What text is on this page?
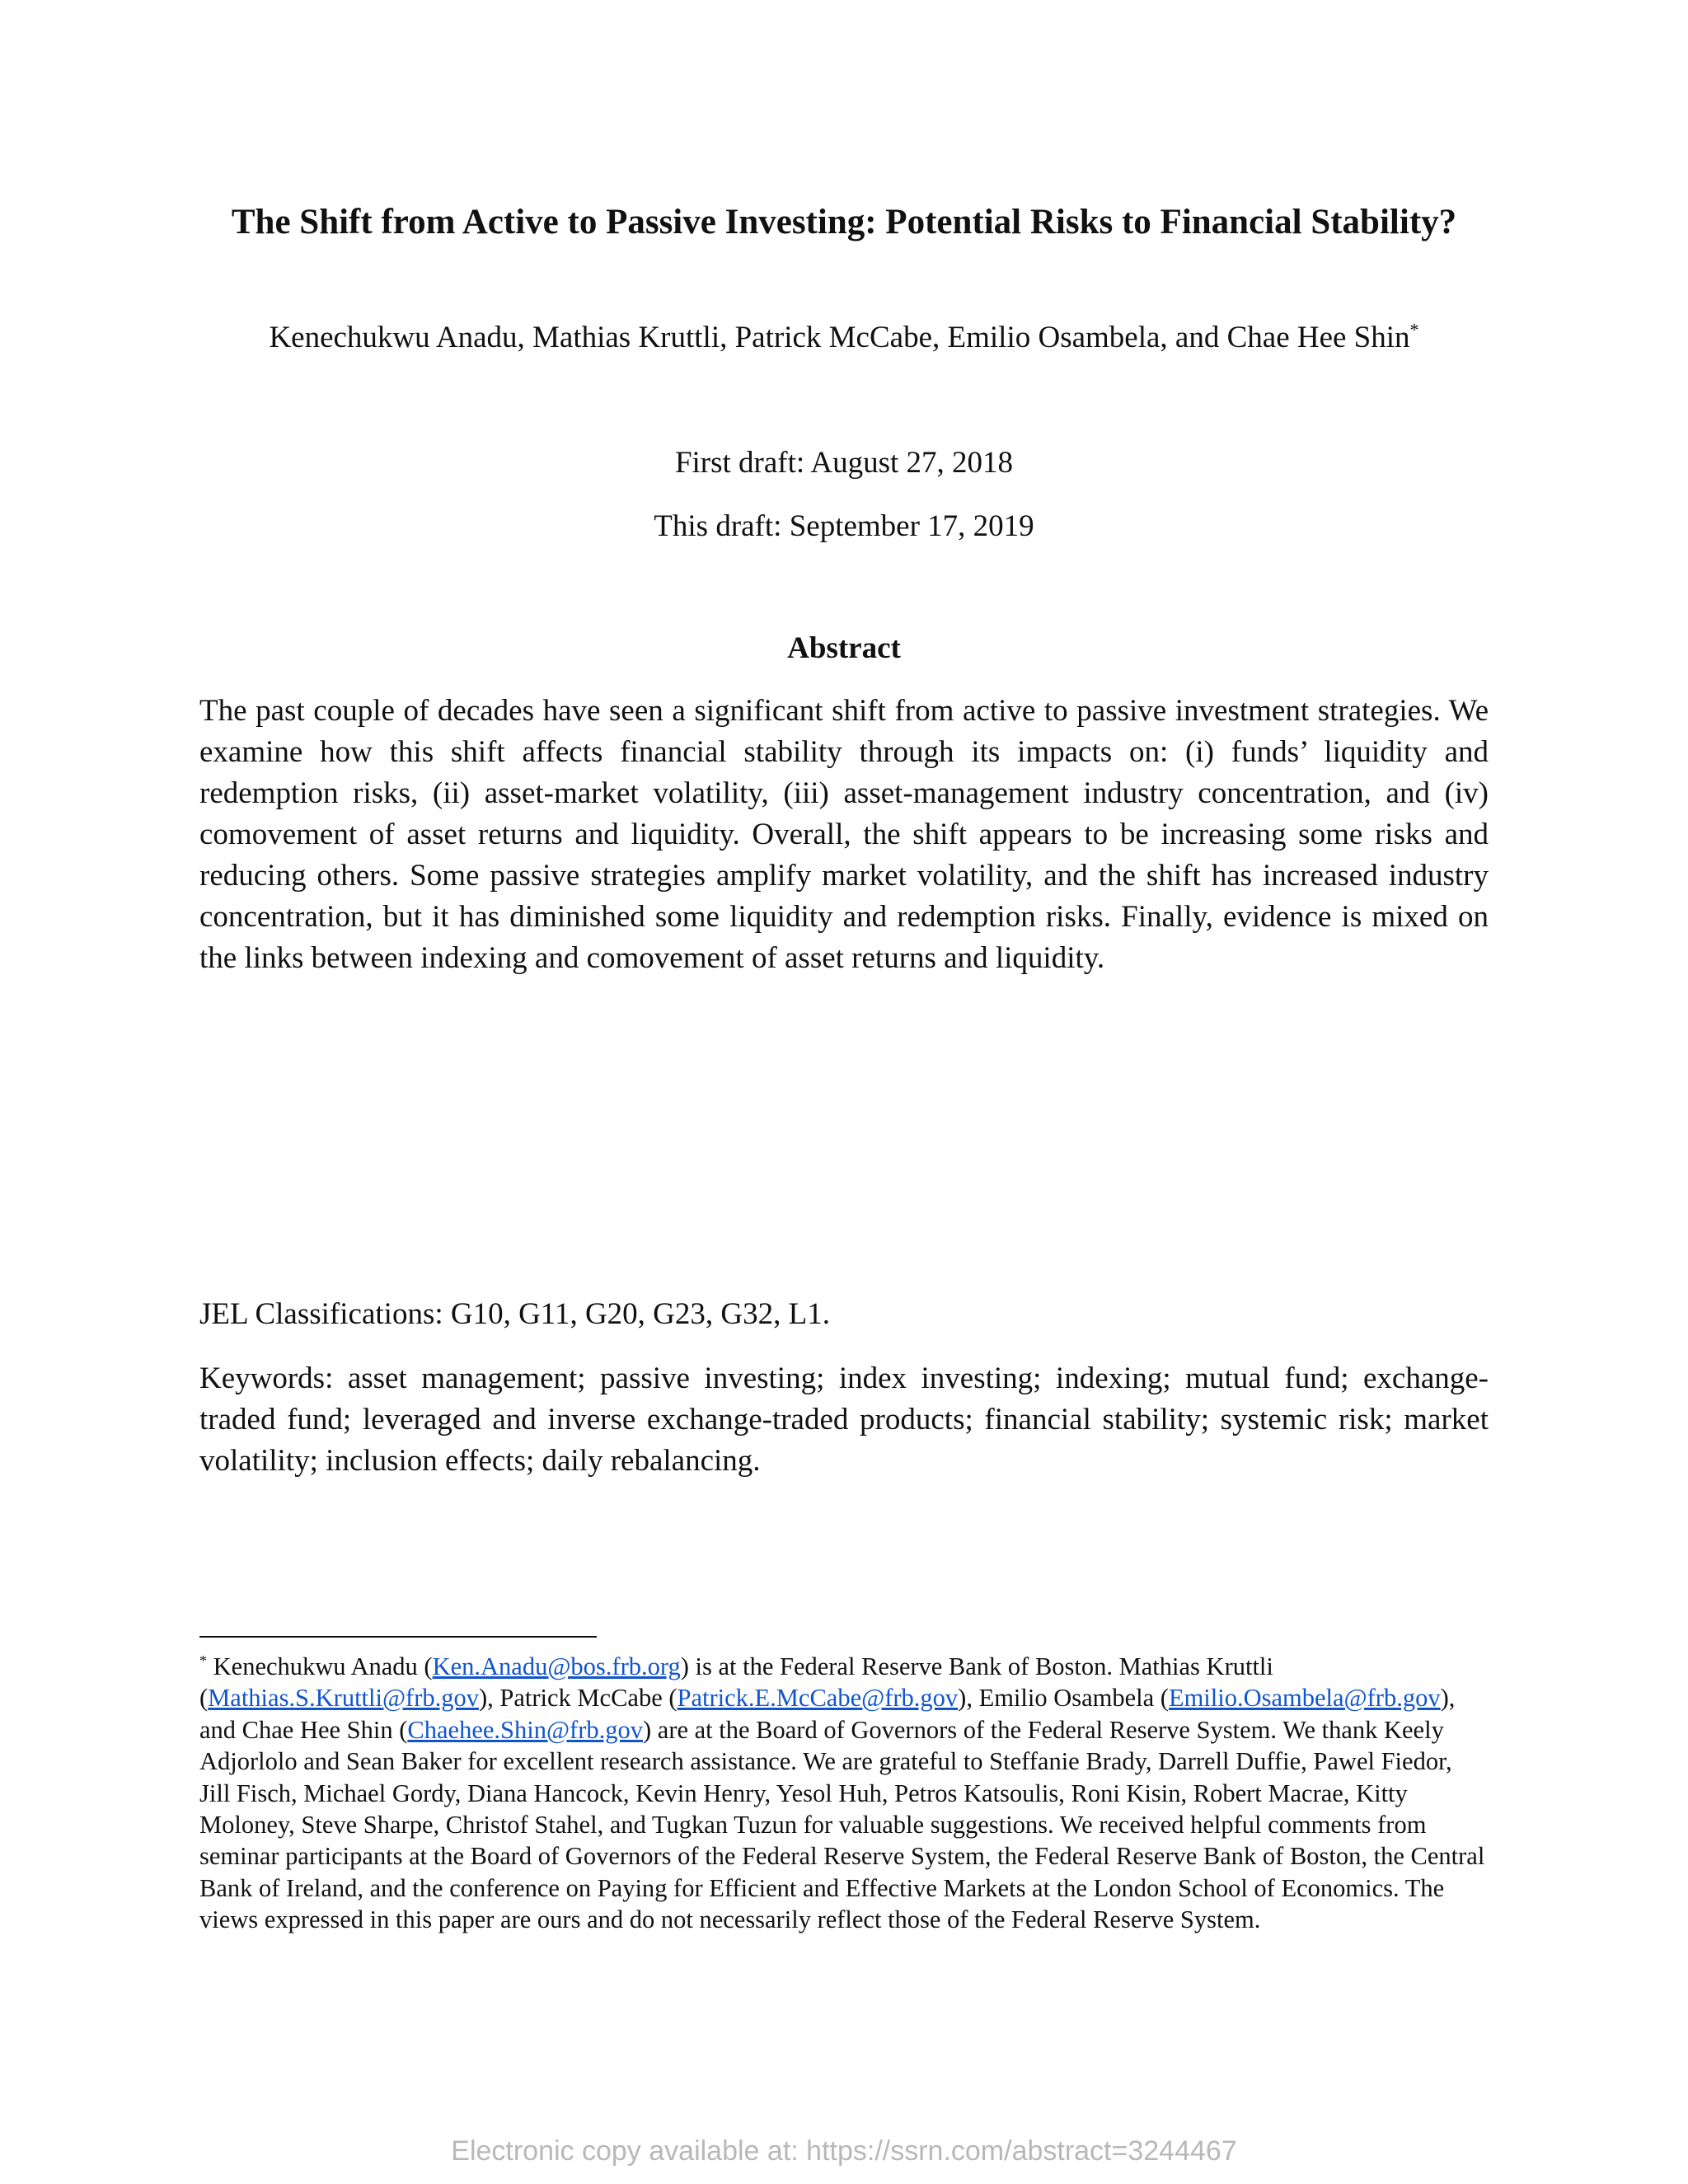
The Shift from Active to Passive Investing: Potential Risks to Financial Stability?
Kenechukwu Anadu, Mathias Kruttli, Patrick McCabe, Emilio Osambela, and Chae Hee Shin*
First draft: August 27, 2018
This draft: September 17, 2019
Abstract

The past couple of decades have seen a significant shift from active to passive investment strategies. We examine how this shift affects financial stability through its impacts on: (i) funds’ liquidity and redemption risks, (ii) asset-market volatility, (iii) asset-management industry concentration, and (iv) comovement of asset returns and liquidity. Overall, the shift appears to be increasing some risks and reducing others. Some passive strategies amplify market volatility, and the shift has increased industry concentration, but it has diminished some liquidity and redemption risks. Finally, evidence is mixed on the links between indexing and comovement of asset returns and liquidity.

JEL Classifications: G10, G11, G20, G23, G32, L1.

Keywords: asset management; passive investing; index investing; indexing; mutual fund; exchange-traded fund; leveraged and inverse exchange-traded products; financial stability; systemic risk; market volatility; inclusion effects; daily rebalancing.

* Kenechukwu Anadu (Ken.Anadu@bos.frb.org) is at the Federal Reserve Bank of Boston. Mathias Kruttli (Mathias.S.Kruttli@frb.gov), Patrick McCabe (Patrick.E.McCabe@frb.gov), Emilio Osambela (Emilio.Osambela@frb.gov), and Chae Hee Shin (Chaehee.Shin@frb.gov) are at the Board of Governors of the Federal Reserve System. We thank Keely Adjorlolo and Sean Baker for excellent research assistance. We are grateful to Steffanie Brady, Darrell Duffie, Pawel Fiedor, Jill Fisch, Michael Gordy, Diana Hancock, Kevin Henry, Yesol Huh, Petros Katsoulis, Roni Kisin, Robert Macrae, Kitty Moloney, Steve Sharpe, Christof Stahel, and Tugkan Tuzun for valuable suggestions. We received helpful comments from seminar participants at the Board of Governors of the Federal Reserve System, the Federal Reserve Bank of Boston, the Central Bank of Ireland, and the conference on Paying for Efficient and Effective Markets at the London School of Economics. The views expressed in this paper are ours and do not necessarily reflect those of the Federal Reserve System.

Electronic copy available at: https://ssrn.com/abstract=3244467
